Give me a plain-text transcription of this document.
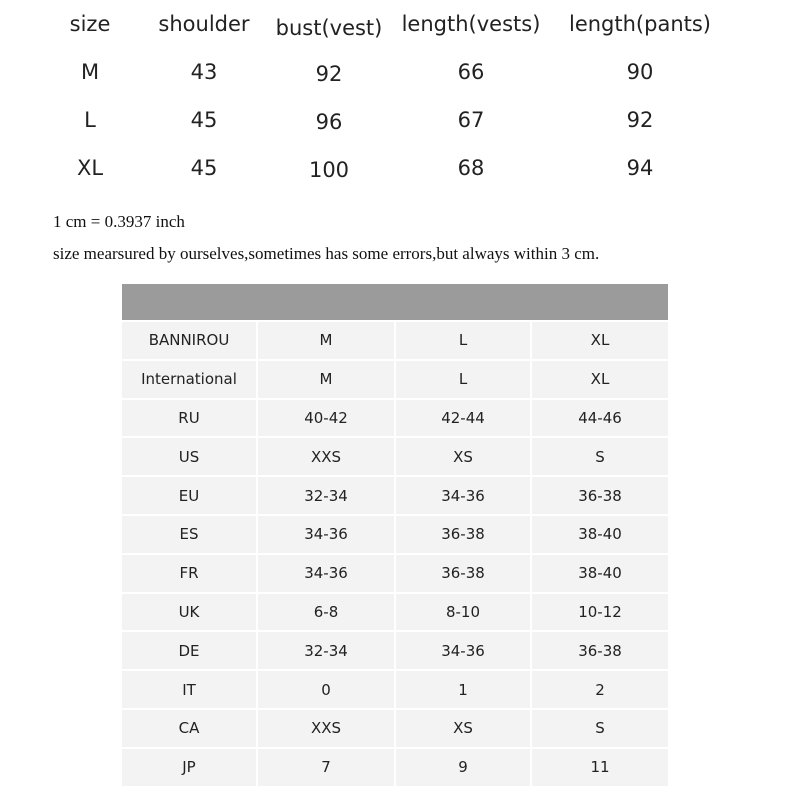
size shoulder bust(vest) length(vests) length(pants)
M	43	92	66	90
L	45	96	67	92
XL	45	100	68	94
1 cm = 0.3937 inch
size mearsured by ourselves,sometimes has some errors,but always within 3 cm.
BANNIROU	M	L	XL
International	M	L	XL
RU	40-42	42-44	44-46
US	XXS	XS	S
EU	32-34	34-36	36-38
ES	34-36	36-38	38-40
FR	34-36	36-38	38-40
UK	6-8	8-10	10-12
DE	32-34	34-36	36-38
IT	0	1	2
CA	XXS	XS	S
JP	7	9	11
